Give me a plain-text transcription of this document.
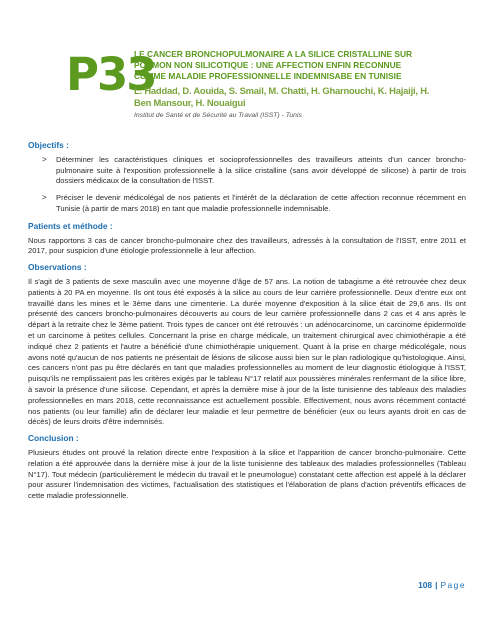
P33
LE CANCER BRONCHOPULMONAIRE A LA SILICE CRISTALLINE SUR POUMON NON SILICOTIQUE : UNE AFFECTION ENFIN RECONNUE COMME MALADIE PROFESSIONNELLE INDEMNISABE EN TUNISIE
L. Haddad, D. Aouida, S. Smail, M. Chatti, H. Gharnouchi, K. Hajaiji, H. Ben Mansour, H. Nouaigui
Institut de Santé et de Sécurité au Travail (ISST) - Tunis
Objectifs :
> Déterminer les caractéristiques cliniques et socioprofessionnelles des travailleurs atteints d'un cancer broncho-pulmonaire suite à l'exposition professionnelle à la silice cristalline (sans avoir développé de silicose) à partir de trois dossiers médicaux de la consultation de l'ISST.
> Préciser le devenir médicolégal de nos patients et l'intérêt de la déclaration de cette affection reconnue récemment en Tunisie (à partir de mars 2018) en tant que maladie professionnelle indemnisable.
Patients et méthode :

Nous rapportons 3 cas de cancer broncho-pulmonaire chez des travailleurs, adressés à la consultation de l'ISST, entre 2011 et 2017, pour suspicion d'une étiologie professionnelle à leur affection.

Observations :

Il s'agit de 3 patients de sexe masculin avec une moyenne d'âge de 57 ans. La notion de tabagisme a été retrouvée chez deux patients à 20 PA en moyenne. Ils ont tous été exposés à la silice au cours de leur carrière professionnelle. Deux d'entre eux ont travaillé dans les mines et le 3ème dans une cimenterie. La durée moyenne d'exposition à la silice était de 29,6 ans. Ils ont présenté des cancers broncho-pulmonaires découverts au cours de leur carrière professionnelle dans 2 cas et 4 ans après le départ à la retraite chez le 3ème patient. Trois types de cancer ont été retrouvés : un adénocarcinome, un carcinome épidermoïde et un carcinome à petites cellules. Concernant la prise en charge médicale, un traitement chirurgical avec chimiothérapie a été indiqué chez 2 patients et l'autre a bénéficié d'une chimiothérapie uniquement. Quant à la prise en charge médicolégale, nous avons noté qu'aucun de nos patients ne présentait de lésions de silicose aussi bien sur le plan radiologique qu'histologique. Ainsi, ces cancers n'ont pas pu être déclarés en tant que maladies professionnelles au moment de leur diagnostic étiologique à l'ISST, puisqu'ils ne remplissaient pas les critères exigés par le tableau N°17 relatif aux poussières minérales renfermant de la silice libre, à savoir la présence d'une silicose. Cependant, et après la dernière mise à jour de la liste tunisienne des tableaux des maladies professionnelles en mars 2018, cette reconnaissance est actuellement possible. Effectivement, nous avons récemment contacté nos patients (ou leur famille) afin de déclarer leur maladie et leur permettre de bénéficier (eux ou leurs ayants droit en cas de décès) de leurs droits d'être indemnisés.

Conclusion :

Plusieurs études ont prouvé la relation directe entre l'exposition à la silice et l'apparition de cancer broncho-pulmonaire. Cette relation a été approuvée dans la dernière mise à jour de la liste tunisienne des tableaux des maladies professionnelles (Tableau N°17). Tout médecin (particulièrement le médecin du travail et le pneumologue) constatant cette affection est appelé à la déclarer pour assurer l'indemnisation des victimes, l'actualisation des statistiques et l'élaboration de plans d'action préventifs efficaces de cette maladie professionnelle.

108 | Page
